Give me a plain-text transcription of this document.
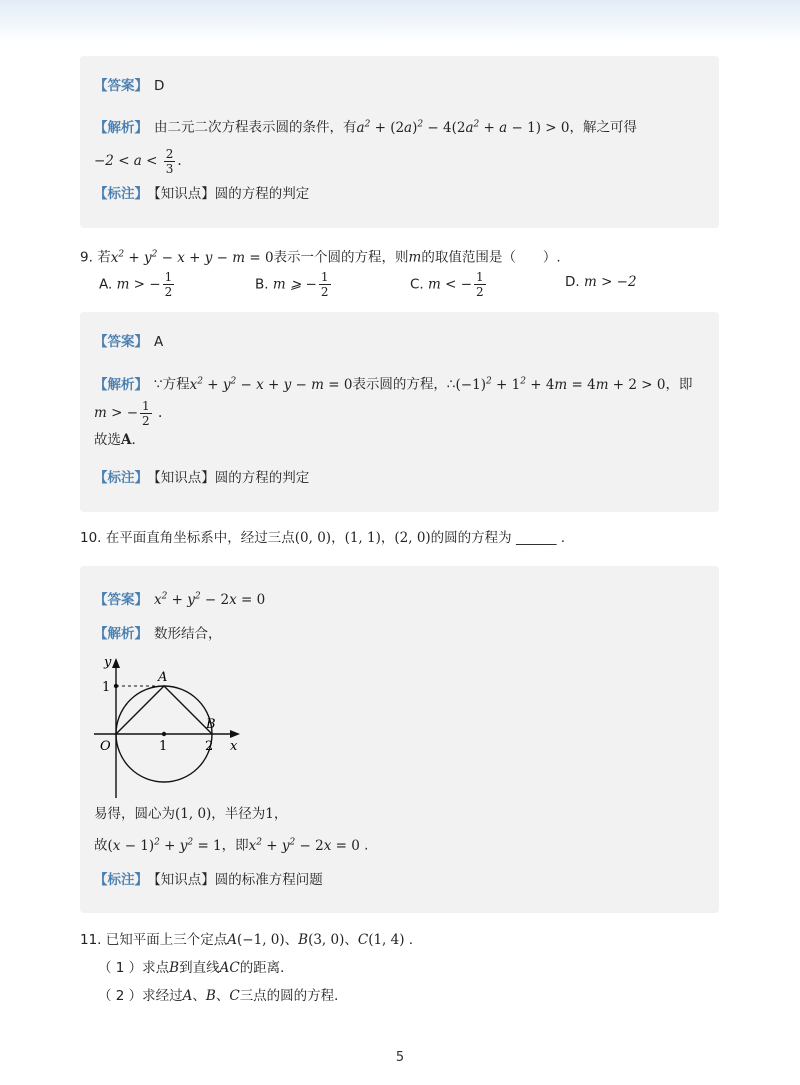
【答案】 D
【解析】 由二元二次方程表示圆的条件，有$a^2 + (2a)^2 - 4(2a^2 + a - 1) > 0$，解之可得
$-2 < a < \frac{2}{3}$ .
【标注】 【知识点】圆的方程的判定
9. 若$x^2 + y^2 - x + y - m = 0$表示一个圆的方程，则m的取值范围是（　　）.
A. m > − $\frac{1}{2}$	B. m ⩾ − $\frac{1}{2}$	C. m < − $\frac{1}{2}$	D. m > −2
【答案】 A
【解析】 ∵方程$x^2 + y^2 - x + y - m = 0$表示圆的方程，$\therefore(-1)^2 + 1^2 + 4m = 4m + 2 > 0$，即
m > − $\frac{1}{2}$ .
故选A．
【标注】 【知识点】圆的方程的判定
10. 在平面直角坐标系中，经过三点(0, 0)，(1, 1)，(2, 0)的圆的方程为 ______ .
【答案】 $x^2 + y^2 - 2x = 0$
【解析】 数形结合，
y
x
O
1
1	2
A
B
易得，圆心为(1, 0)，半径为1，
故$(x - 1)^2 + y^2 = 1$，即$x^2 + y^2 - 2x = 0$ .
【标注】 【知识点】圆的标准方程问题
11. 已知平面上三个定点A(−1, 0)、B(3, 0)、C(1, 4) .
（ 1 ）求点B到直线AC的距离．
（ 2 ）求经过A、B、C三点的圆的方程．
5
